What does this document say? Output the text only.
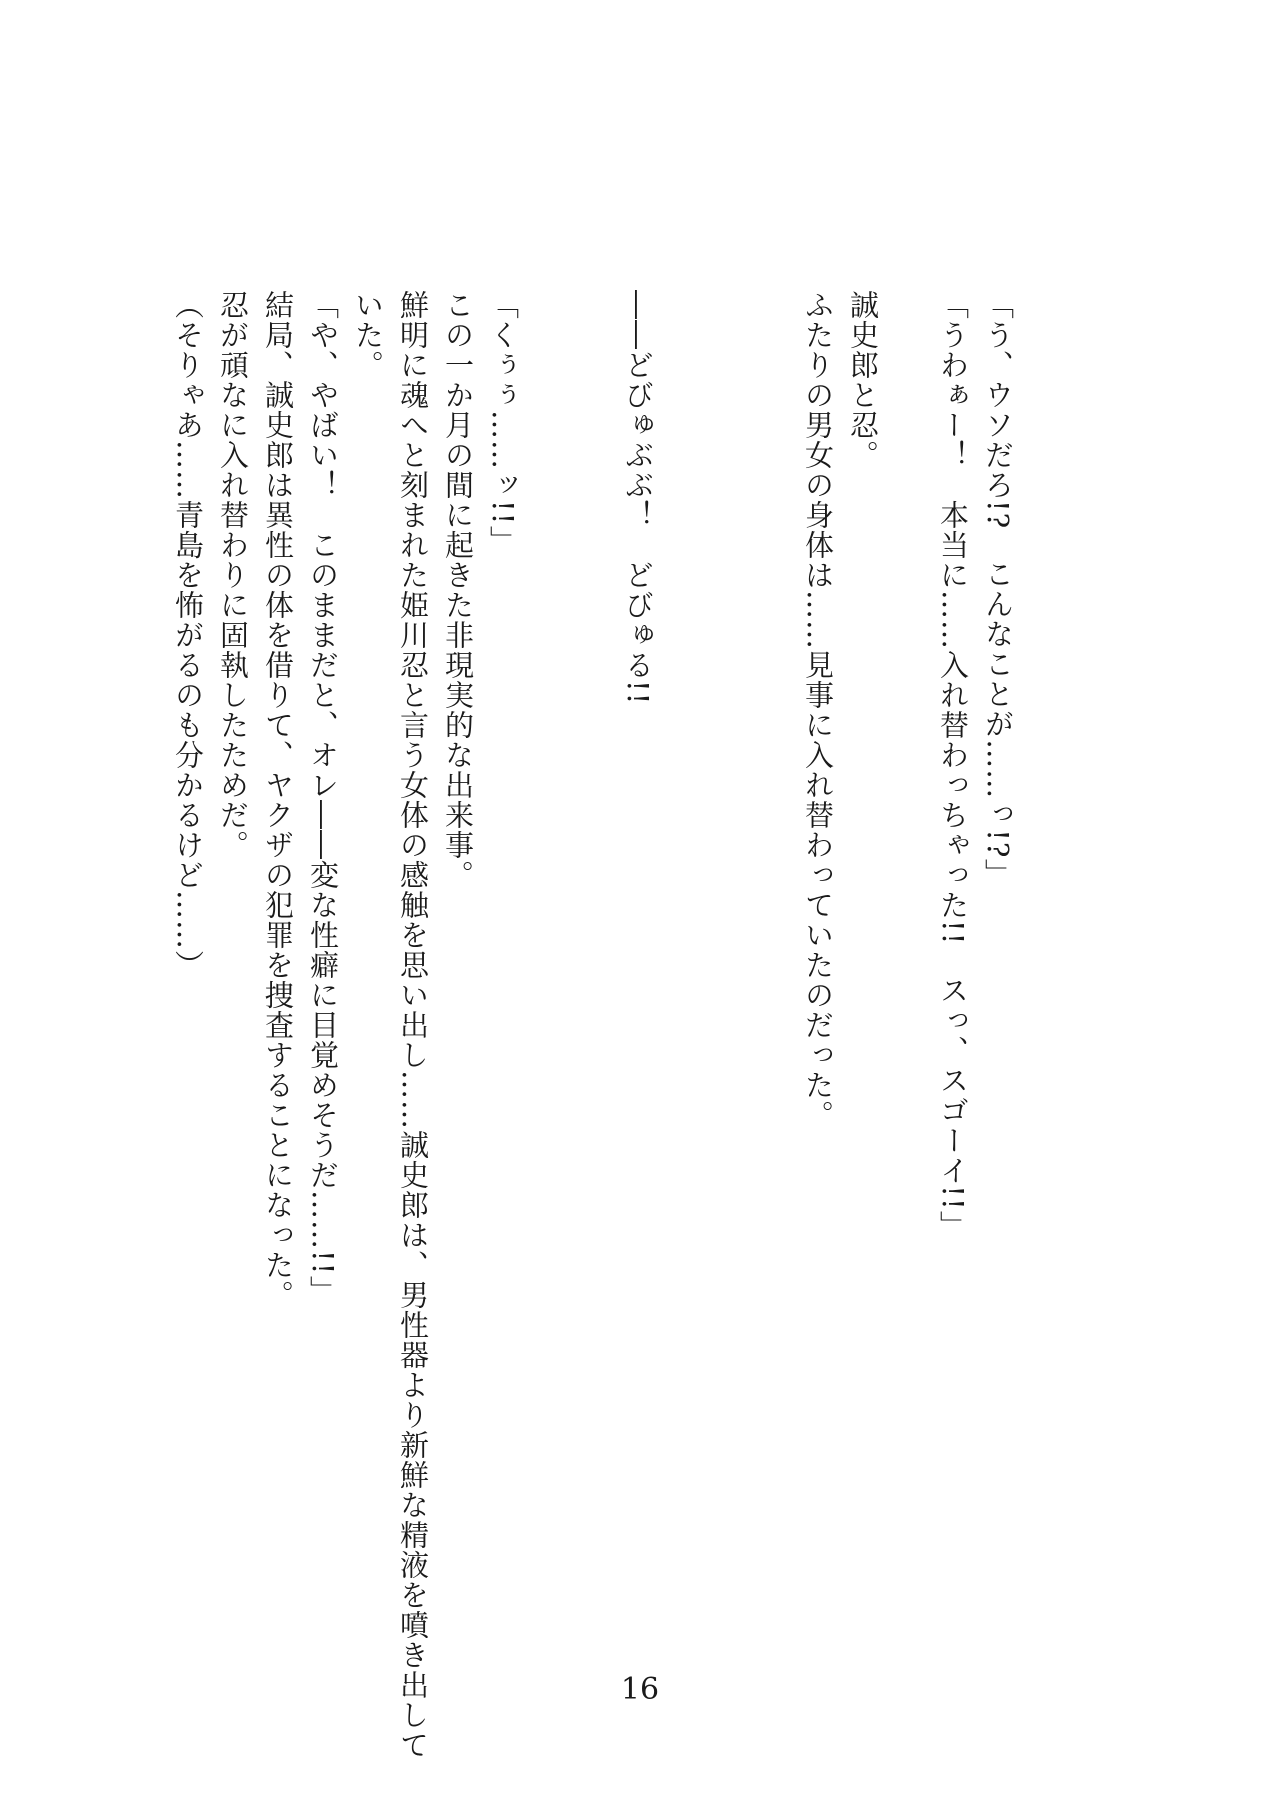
「う、ウソだろ!?　こんなことが……っ!?」

「うわぁー！　本当に……入れ替わっちゃった!!　スっ、スゴーイ!!」

誠史郎と忍。

ふたりの男女の身体は……見事に入れ替わっていたのだった。

――どびゅぶぶ！　どびゅる!!

「くぅぅ……ッ!!」

この一か月の間に起きた非現実的な出来事。

鮮明に魂へと刻まれた姫川忍と言う女体の感触を思い出し……誠史郎は、男性器より新鮮な精液を噴き出して

いた。

「や、やばい！　このままだと、オレ――変な性癖に目覚めそうだ……!!」

結局、誠史郎は異性の体を借りて、ヤクザの犯罪を捜査することになった。

忍が頑なに入れ替わりに固執したためだ。

（そりゃあ……青島を怖がるのも分かるけど……）

16
